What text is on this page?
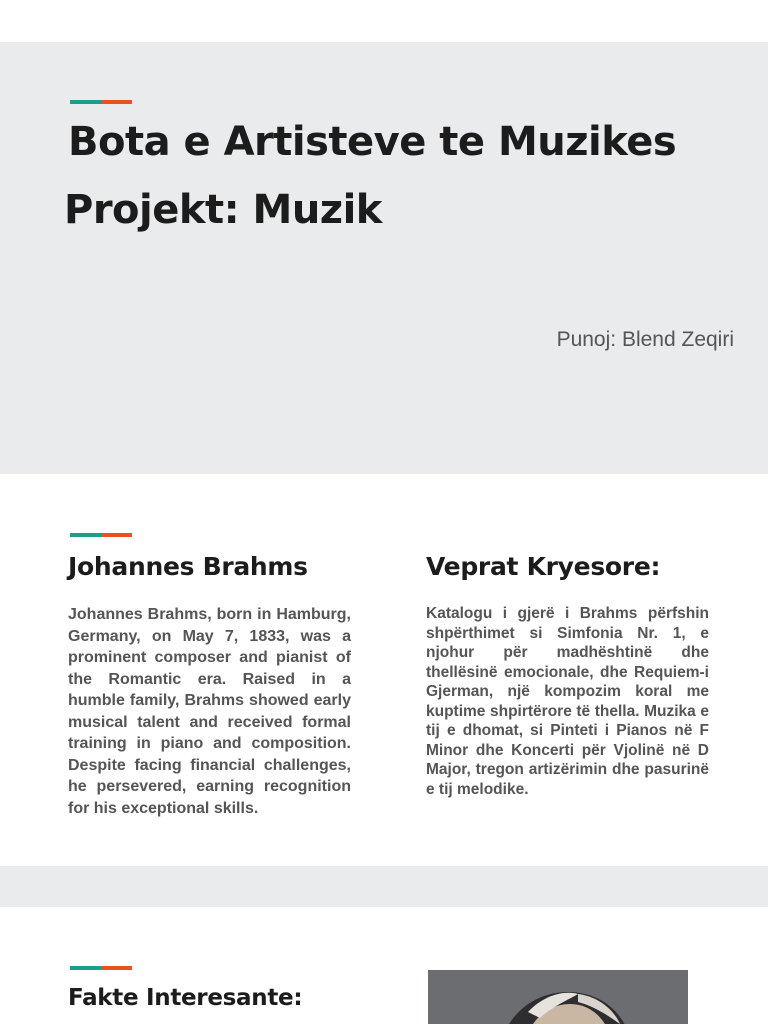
Bota e Artisteve te Muzikes
Projekt: Muzik
Punoj: Blend Zeqiri
Johannes Brahms

Johannes Brahms, born in Hamburg, Germany, on May 7, 1833, was a prominent composer and pianist of the Romantic era. Raised in a humble family, Brahms showed early musical talent and received formal training in piano and composition. Despite facing financial challenges, he persevered, earning recognition for his exceptional skills.

Veprat Kryesore:

Katalogu i gjerë i Brahms përfshin shpërthimet si Simfonia Nr. 1, e njohur për madhështinë dhe thellësinë emocionale, dhe Requiem-i Gjerman, një kompozim koral me kuptime shpirtërore të thella. Muzika e tij e dhomat, si Pinteti i Pianos në F Minor dhe Koncerti për Vjolinë në D Major, tregon artizërimin dhe pasurinë e tij melodike.

Fakte Interesante:
